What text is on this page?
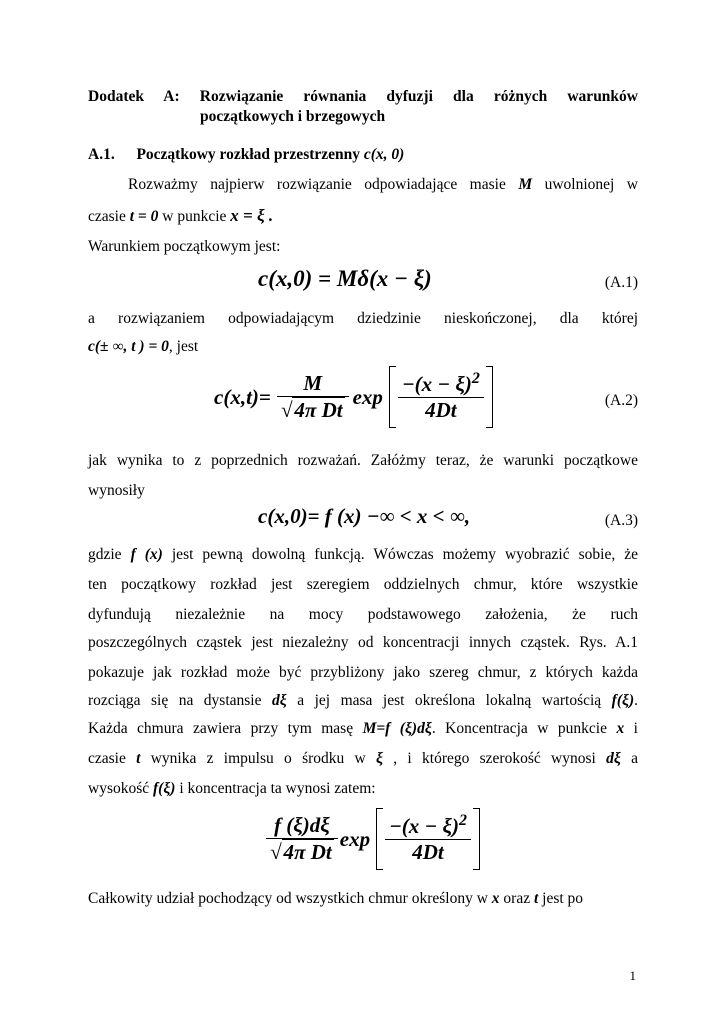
Dodatek A: Rozwiązanie równania dyfuzji dla różnych warunków
początkowych i brzegowych
A.1. Początkowy rozkład przestrzenny c(x, 0)
Rozważmy najpierw rozwiązanie odpowiadające masie M uwolnionej w
czasie t = 0 w punkcie x = ξ .
Warunkiem początkowym jest:
c(x,0) = Mδ(x − ξ)	(A.1)
a rozwiązaniem odpowiadającym dziedzinie nieskończonej, dla której
c(± ∞, t ) = 0, jest
$c(x,t)= \frac{M}{\text{√4π Dt}}$ $\exp \frac{-(x - \xi)^2}{4Dt}$	(A.2)
jak wynika to z poprzednich rozważań. Załóżmy teraz, że warunki początkowe
wynosiły
c(x,0)= f (x) −∞ < x < ∞,	(A.3)
gdzie f (x) jest pewną dowolną funkcją. Wówczas możemy wyobrazić sobie, że
ten początkowy rozkład jest szeregiem oddzielnych chmur, które wszystkie
dyfundują niezależnie na mocy podstawowego założenia, że ruch
poszczególnych cząstek jest niezależny od koncentracji innych cząstek. Rys. A.1
pokazuje jak rozkład może być przybliżony jako szereg chmur, z których każda
rozciąga się na dystansie dξ a jej masa jest określona lokalną wartością f(ξ).
Każda chmura zawiera przy tym masę M=f (ξ)dξ. Koncentracja w punkcie x i
czasie t wynika z impulsu o środku w ξ , i którego szerokość wynosi dξ a
wysokość f(ξ) i koncentracja ta wynosi zatem:
$\frac{f (\xi)d\xi}{\text{√4π Dt}}$ $\exp \frac{-(x - \xi)^2}{4Dt}$
Całkowity udział pochodzący od wszystkich chmur określony w x oraz t jest po
1
